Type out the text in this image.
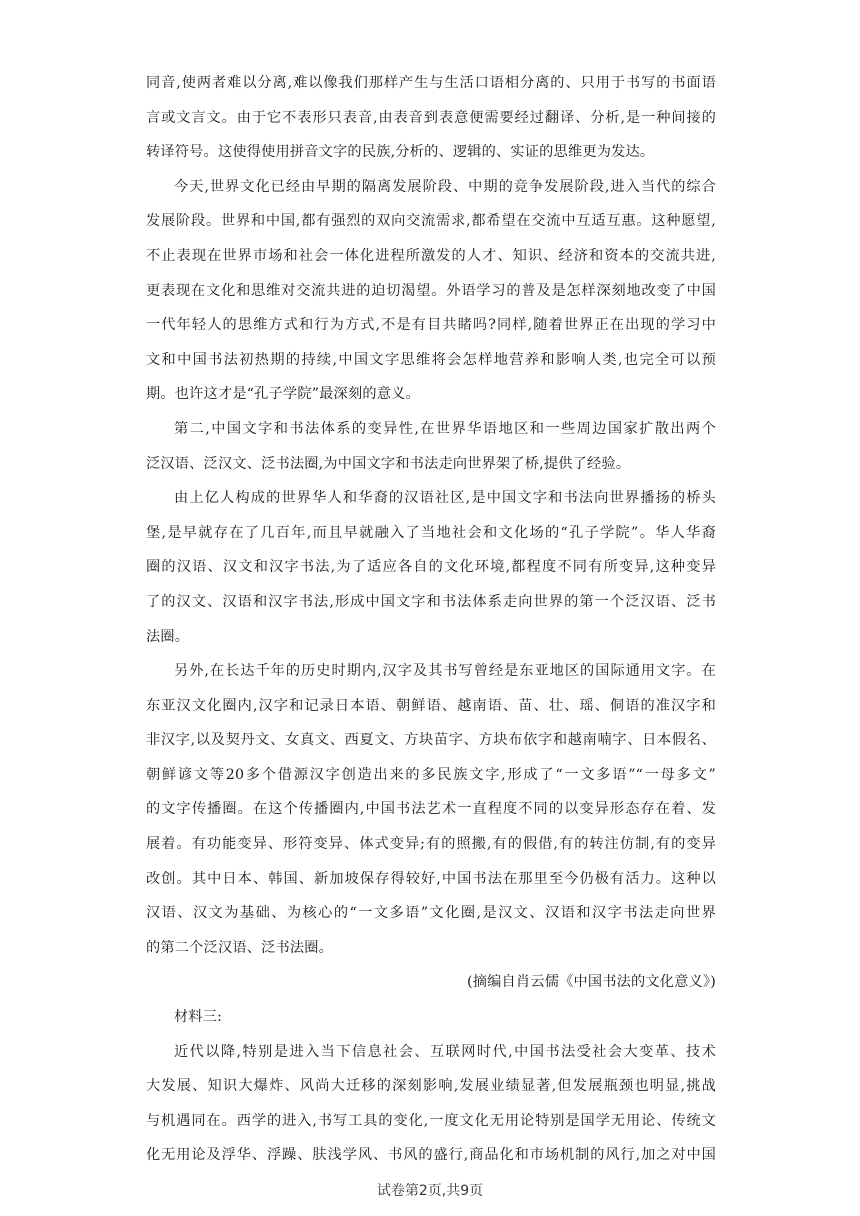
同音,使两者难以分离,难以像我们那样产生与生活口语相分离的、只用于书写的书面语
言或文言文。由于它不表形只表音,由表音到表意便需要经过翻译、分析,是一种间接的
转译符号。这使得使用拼音文字的民族,分析的、逻辑的、实证的思维更为发达。
今天,世界文化已经由早期的隔离发展阶段、中期的竞争发展阶段,进入当代的综合
发展阶段。世界和中国,都有强烈的双向交流需求,都希望在交流中互适互惠。这种愿望,
不止表现在世界市场和社会一体化进程所激发的人才、知识、经济和资本的交流共进,
更表现在文化和思维对交流共进的迫切渴望。外语学习的普及是怎样深刻地改变了中国
一代年轻人的思维方式和行为方式,不是有目共睹吗?同样,随着世界正在出现的学习中
文和中国书法初热期的持续,中国文字思维将会怎样地营养和影响人类,也完全可以预
期。也许这才是“孔子学院”最深刻的意义。
第二,中国文字和书法体系的变异性,在世界华语地区和一些周边国家扩散出两个
泛汉语、泛汉文、泛书法圈,为中国文字和书法走向世界架了桥,提供了经验。
由上亿人构成的世界华人和华裔的汉语社区,是中国文字和书法向世界播扬的桥头
堡,是早就存在了几百年,而且早就融入了当地社会和文化场的“孔子学院”。华人华裔
圈的汉语、汉文和汉字书法,为了适应各自的文化环境,都程度不同有所变异,这种变异
了的汉文、汉语和汉字书法,形成中国文字和书法体系走向世界的第一个泛汉语、泛书
法圈。
另外,在长达千年的历史时期内,汉字及其书写曾经是东亚地区的国际通用文字。在
东亚汉文化圈内,汉字和记录日本语、朝鲜语、越南语、苗、壮、瑶、侗语的准汉字和
非汉字,以及契丹文、女真文、西夏文、方块苗字、方块布依字和越南喃字、日本假名、
朝鲜谚文等20多个借源汉字创造出来的多民族文字,形成了“一文多语”“一母多文”
的文字传播圈。在这个传播圈内,中国书法艺术一直程度不同的以变异形态存在着、发
展着。有功能变异、形符变异、体式变异;有的照搬,有的假借,有的转注仿制,有的变异
改创。其中日本、韩国、新加坡保存得较好,中国书法在那里至今仍极有活力。这种以
汉语、汉文为基础、为核心的“一文多语”文化圈,是汉文、汉语和汉字书法走向世界
的第二个泛汉语、泛书法圈。
(摘编自肖云儒《中国书法的文化意义》)
材料三:
近代以降,特别是进入当下信息社会、互联网时代,中国书法受社会大变革、技术
大发展、知识大爆炸、风尚大迁移的深刻影响,发展业绩显著,但发展瓶颈也明显,挑战
与机遇同在。西学的进入,书写工具的变化,一度文化无用论特别是国学无用论、传统文
化无用论及浮华、浮躁、肤浅学风、书风的盛行,商品化和市场机制的风行,加之对中国
试卷第2页,共9页
